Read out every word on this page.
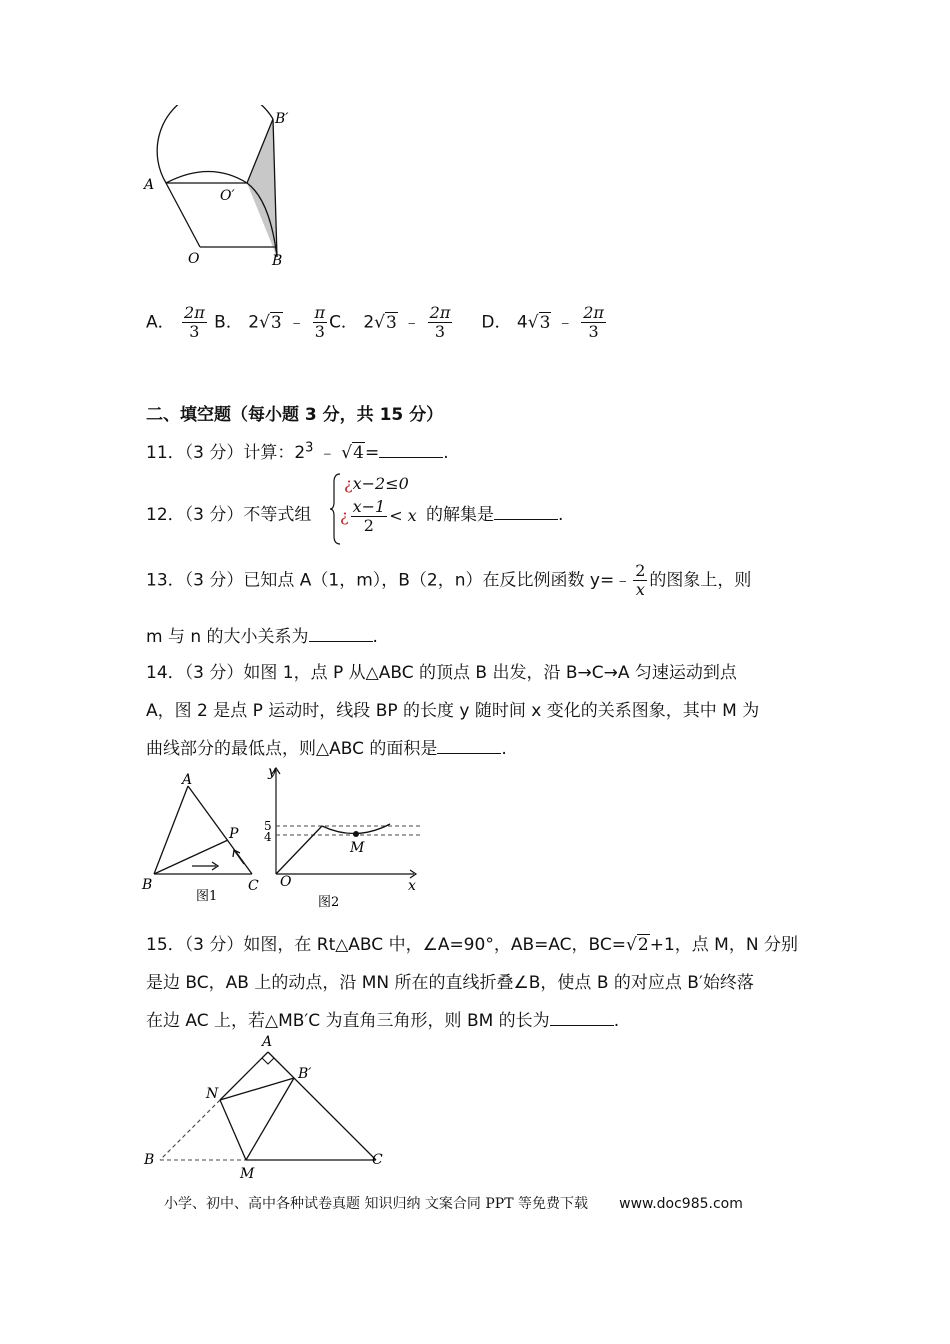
A
O′
B′
O	B
A． $\frac{2\pi}{3}$ B． 2√3 ﹣ $\frac{\pi}{3}$ C． 2√3 ﹣ $\frac{2\pi}{3}$ D． 4√3 ﹣ $\frac{2\pi}{3}$
二、填空题（每小题 3 分，共 15 分）
11．（3 分）计算：$2^3$ ﹣ √4=	.
12．（3 分）不等式组
¿x−2≤0
¿ $\frac{x-1}{2} < x$ 的解集是	.
13．（3 分）已知点 A（1，m），B（2，n）在反比例函数 y=﹣ $\frac{2}{x}$ 的图象上，则
m 与 n 的大小关系为	.
14．（3 分）如图 1，点 P 从△ABC 的顶点 B 出发，沿 B→C→A 匀速运动到点
A，图 2 是点 P 运动时，线段 BP 的长度 y 随时间 x 变化的关系图象，其中 M 为
曲线部分的最低点，则△ABC 的面积是	.
A
B	C
P
图1
y
x
O
M
5
4
图2
15．（3 分）如图，在 Rt△ABC 中，∠A=90°，AB=AC，BC=√2+1，点 M，N 分别
是边 BC，AB 上的动点，沿 MN 所在的直线折叠∠B，使点 B 的对应点 B′始终落
在边 AC 上，若△MB′C 为直角三角形，则 BM 的长为	.
A
B
B′
N
M
C
小学、初中、高中各种试卷真题 知识归纳 文案合同 PPT 等免费下载 www.doc985.com
